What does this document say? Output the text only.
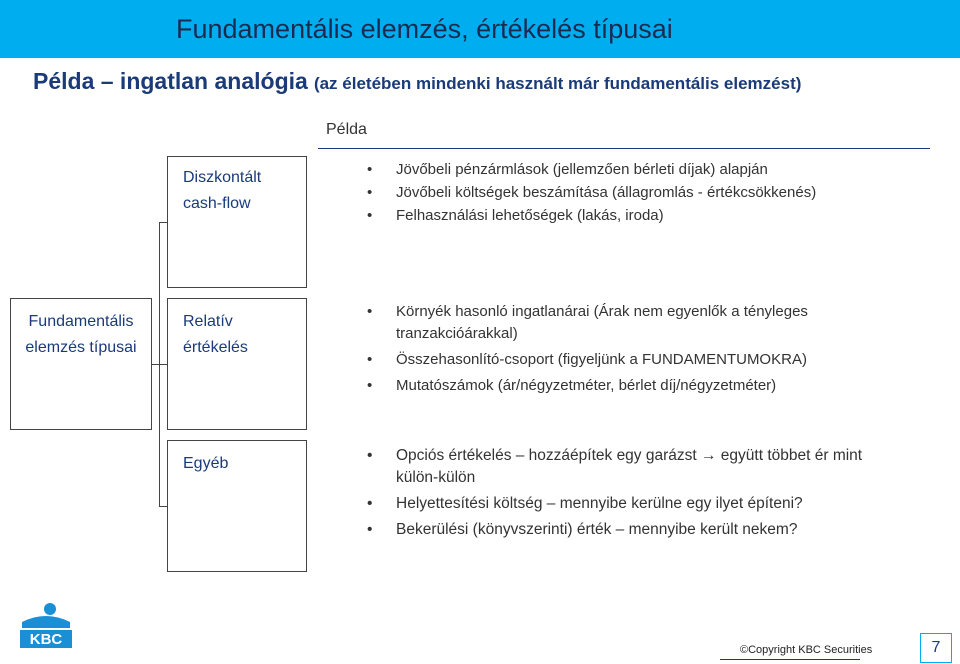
Fundamentális elemzés, értékelés típusai
Példa – ingatlan analógia (az életében mindenki használt már fundamentális elemzést)
Példa
Fundamentális
elemzés típusai
Diszkontált
cash-flow
Relatív
értékelés
Egyéb
• Jövőbeli pénzármlások (jellemzően bérleti díjak) alapján
• Jövőbeli költségek beszámítása (állagromlás - értékcsökkenés)
• Felhasználási lehetőségek (lakás, iroda)
• Környék hasonló ingatlanárai (Árak nem egyenlők a tényleges
tranzakcióárakkal)
• Összehasonlító-csoport (figyeljünk a FUNDAMENTUMOKRA)
• Mutatószámok (ár/négyzetméter, bérlet díj/négyzetméter)
• Opciós értékelés – hozzáépítek egy garázst → együtt többet ér mint
külön-külön
• Helyettesítési költség – mennyibe kerülne egy ilyet építeni?
• Bekerülési (könyvszerinti) érték – mennyibe került nekem?
KBC
©Copyright KBC Securities	7
